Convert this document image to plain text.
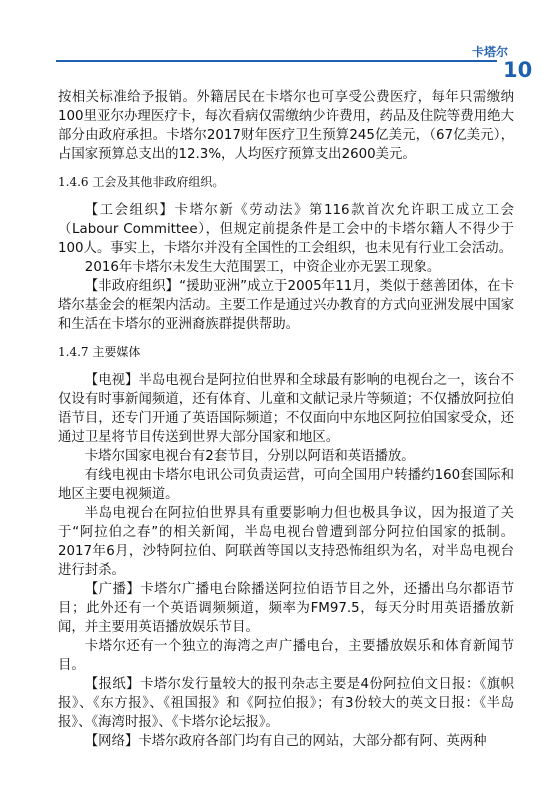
卡塔尔
10

按相关标准给予报销。外籍居民在卡塔尔也可享受公费医疗，每年只需缴纳100里亚尔办理医疗卡，每次看病仅需缴纳少许费用，药品及住院等费用绝大部分由政府承担。卡塔尔2017财年医疗卫生预算245亿美元，（67亿美元），占国家预算总支出的12.3%，人均医疗预算支出2600美元。

1.4.6 工会及其他非政府组织。

【工会组织】卡塔尔新《劳动法》第116款首次允许职工成立工会（Labour Committee），但规定前提条件是工会中的卡塔尔籍人不得少于100人。事实上，卡塔尔并没有全国性的工会组织，也未见有行业工会活动。

2016年卡塔尔未发生大范围罢工，中资企业亦无罢工现象。

【非政府组织】“援助亚洲”成立于2005年11月，类似于慈善团体，在卡塔尔基金会的框架内活动。主要工作是通过兴办教育的方式向亚洲发展中国家和生活在卡塔尔的亚洲裔族群提供帮助。

1.4.7 主要媒体

【电视】半岛电视台是阿拉伯世界和全球最有影响的电视台之一，该台不仅设有时事新闻频道，还有体育、儿童和文献记录片等频道；不仅播放阿拉伯语节目，还专门开通了英语国际频道；不仅面向中东地区阿拉伯国家受众，还通过卫星将节目传送到世界大部分国家和地区。

卡塔尔国家电视台有2套节目，分别以阿语和英语播放。

有线电视由卡塔尔电讯公司负责运营，可向全国用户转播约160套国际和地区主要电视频道。

半岛电视台在阿拉伯世界具有重要影响力但也极具争议，因为报道了关于“阿拉伯之春”的相关新闻，半岛电视台曾遭到部分阿拉伯国家的抵制。2017年6月，沙特阿拉伯、阿联酋等国以支持恐怖组织为名，对半岛电视台进行封杀。

【广播】卡塔尔广播电台除播送阿拉伯语节目之外，还播出乌尔都语节目；此外还有一个英语调频频道，频率为FM97.5，每天分时用英语播放新闻，并主要用英语播放娱乐节目。

卡塔尔还有一个独立的海湾之声广播电台，主要播放娱乐和体育新闻节目。

【报纸】卡塔尔发行量较大的报刊杂志主要是4份阿拉伯文日报：《旗帜报》、《东方报》、《祖国报》和《阿拉伯报》；有3份较大的英文日报：《半岛报》、《海湾时报》、《卡塔尔论坛报》。

【网络】卡塔尔政府各部门均有自己的网站，大部分都有阿、英两种
